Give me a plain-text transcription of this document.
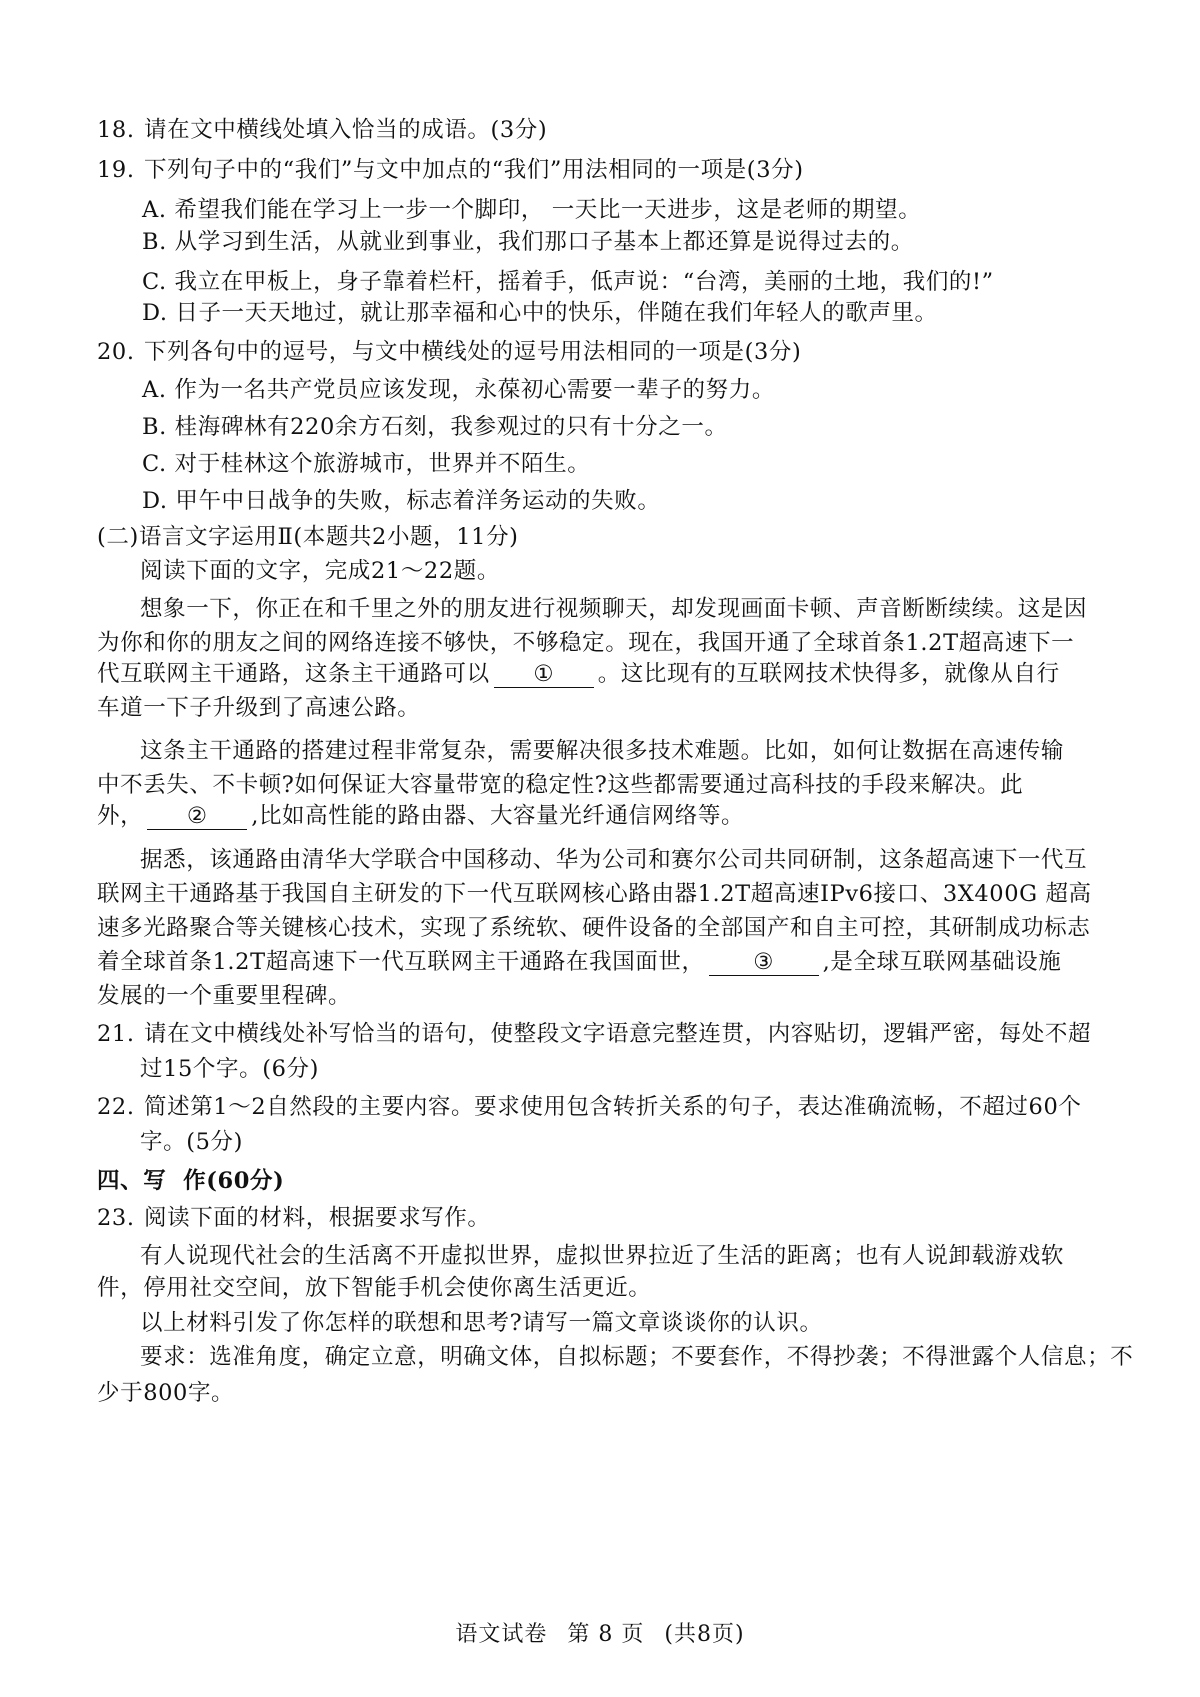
18. 请在文中横线处填入恰当的成语。(3分)
19. 下列句子中的“我们”与文中加点的“我们”用法相同的一项是(3分)
A. 希望我们能在学习上一步一个脚印， 一天比一天进步，这是老师的期望。
B. 从学习到生活，从就业到事业，我们那口子基本上都还算是说得过去的。
C. 我立在甲板上，身子靠着栏杆，摇着手，低声说：“台湾，美丽的土地，我们的!”
D. 日子一天天地过，就让那幸福和心中的快乐，伴随在我们年轻人的歌声里。
20. 下列各句中的逗号，与文中横线处的逗号用法相同的一项是(3分)
A. 作为一名共产党员应该发现，永葆初心需要一辈子的努力。
B. 桂海碑林有220余方石刻，我参观过的只有十分之一。
C. 对于桂林这个旅游城市，世界并不陌生。
D. 甲午中日战争的失败，标志着洋务运动的失败。
(二)语言文字运用Ⅱ(本题共2小题，11分)
阅读下面的文字，完成21～22题。
想象一下，你正在和千里之外的朋友进行视频聊天，却发现画面卡顿、声音断断续续。这是因
为你和你的朋友之间的网络连接不够快，不够稳定。现在，我国开通了全球首条1.2T超高速下一
代互联网主干通路，这条主干通路可以 ① 。这比现有的互联网技术快得多，就像从自行
车道一下子升级到了高速公路。
这条主干通路的搭建过程非常复杂，需要解决很多技术难题。比如，如何让数据在高速传输
中不丢失、不卡顿?如何保证大容量带宽的稳定性?这些都需要通过高科技的手段来解决。此
外， ② ,比如高性能的路由器、大容量光纤通信网络等。
据悉，该通路由清华大学联合中国移动、华为公司和赛尔公司共同研制，这条超高速下一代互
联网主干通路基于我国自主研发的下一代互联网核心路由器1.2T超高速IPv6接口、3X400G 超高
速多光路聚合等关键核心技术，实现了系统软、硬件设备的全部国产和自主可控，其研制成功标志
着全球首条1.2T超高速下一代互联网主干通路在我国面世， ③ ,是全球互联网基础设施
发展的一个重要里程碑。
21. 请在文中横线处补写恰当的语句，使整段文字语意完整连贯，内容贴切，逻辑严密，每处不超
过15个字。(6分)
22. 简述第1～2自然段的主要内容。要求使用包含转折关系的句子，表达准确流畅，不超过60个
字。(5分)
四、写  作(60分)
23. 阅读下面的材料，根据要求写作。
有人说现代社会的生活离不开虚拟世界，虚拟世界拉近了生活的距离；也有人说卸载游戏软
件，停用社交空间，放下智能手机会使你离生活更近。
以上材料引发了你怎样的联想和思考?请写一篇文章谈谈你的认识。
要求：选准角度，确定立意，明确文体，自拟标题；不要套作，不得抄袭；不得泄露个人信息；不
少于800字。
语文试卷 第 8 页 (共8页)
